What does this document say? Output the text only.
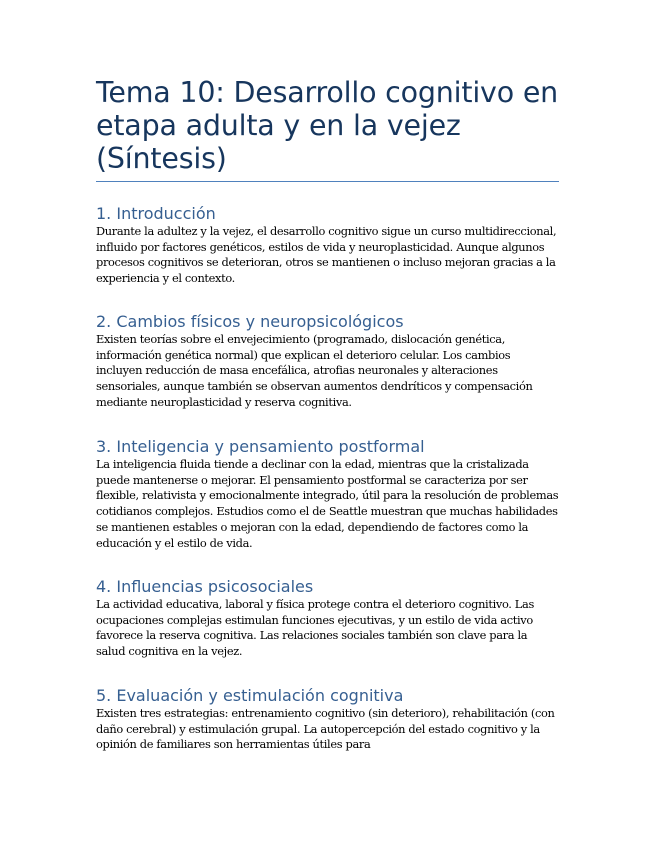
Tema 10: Desarrollo cognitivo en etapa adulta y en la vejez (Síntesis)
1. Introducción

Durante la adultez y la vejez, el desarrollo cognitivo sigue un curso multidireccional, influido por factores genéticos, estilos de vida y neuroplasticidad. Aunque algunos procesos cognitivos se deterioran, otros se mantienen o incluso mejoran gracias a la experiencia y el contexto.

2. Cambios físicos y neuropsicológicos

Existen teorías sobre el envejecimiento (programado, dislocación genética, información genética normal) que explican el deterioro celular. Los cambios incluyen reducción de masa encefálica, atrofias neuronales y alteraciones sensoriales, aunque también se observan aumentos dendríticos y compensación mediante neuroplasticidad y reserva cognitiva.

3. Inteligencia y pensamiento postformal

La inteligencia fluida tiende a declinar con la edad, mientras que la cristalizada puede mantenerse o mejorar. El pensamiento postformal se caracteriza por ser flexible, relativista y emocionalmente integrado, útil para la resolución de problemas cotidianos complejos. Estudios como el de Seattle muestran que muchas habilidades se mantienen estables o mejoran con la edad, dependiendo de factores como la educación y el estilo de vida.

4. Influencias psicosociales

La actividad educativa, laboral y física protege contra el deterioro cognitivo. Las ocupaciones complejas estimulan funciones ejecutivas, y un estilo de vida activo favorece la reserva cognitiva. Las relaciones sociales también son clave para la salud cognitiva en la vejez.

5. Evaluación y estimulación cognitiva

Existen tres estrategias: entrenamiento cognitivo (sin deterioro), rehabilitación (con daño cerebral) y estimulación grupal. La autopercepción del estado cognitivo y la opinión de familiares son herramientas útiles para
